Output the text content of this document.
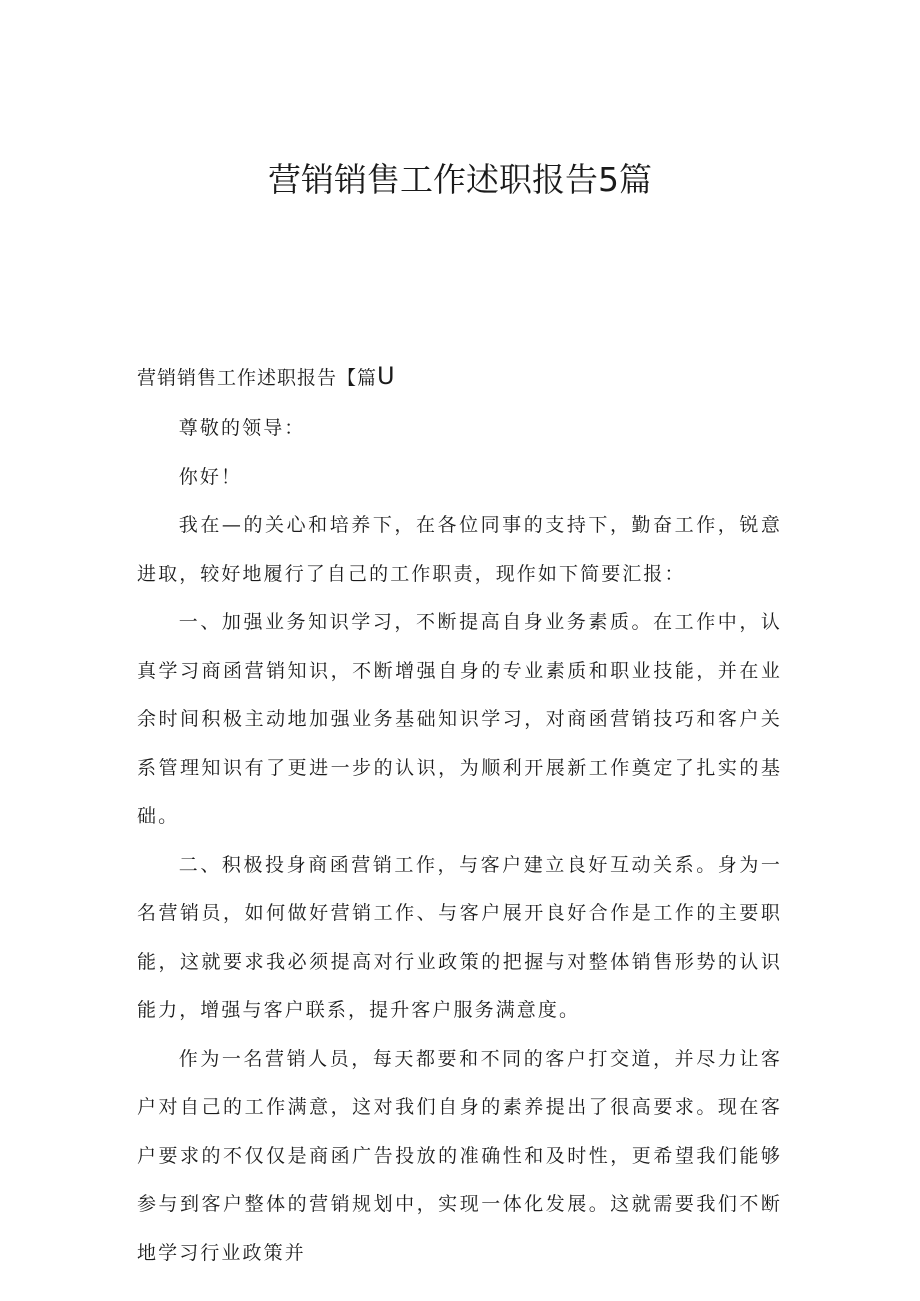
营销销售工作述职报告5篇
营销销售工作述职报告【篇U

尊敬的领导：

你好！

我在—的关心和培养下，在各位同事的支持下，勤奋工作，锐意进取，较好地履行了自己的工作职责，现作如下简要汇报：

一、加强业务知识学习，不断提高自身业务素质。在工作中，认真学习商函营销知识，不断增强自身的专业素质和职业技能，并在业余时间积极主动地加强业务基础知识学习，对商函营销技巧和客户关系管理知识有了更进一步的认识，为顺利开展新工作奠定了扎实的基础。

二、积极投身商函营销工作，与客户建立良好互动关系。身为一名营销员，如何做好营销工作、与客户展开良好合作是工作的主要职能，这就要求我必须提高对行业政策的把握与对整体销售形势的认识能力，增强与客户联系，提升客户服务满意度。

作为一名营销人员，每天都要和不同的客户打交道，并尽力让客户对自己的工作满意，这对我们自身的素养提出了很高要求。现在客户要求的不仅仅是商函广告投放的准确性和及时性，更希望我们能够参与到客户整体的营销规划中，实现一体化发展。这就需要我们不断地学习行业政策并
